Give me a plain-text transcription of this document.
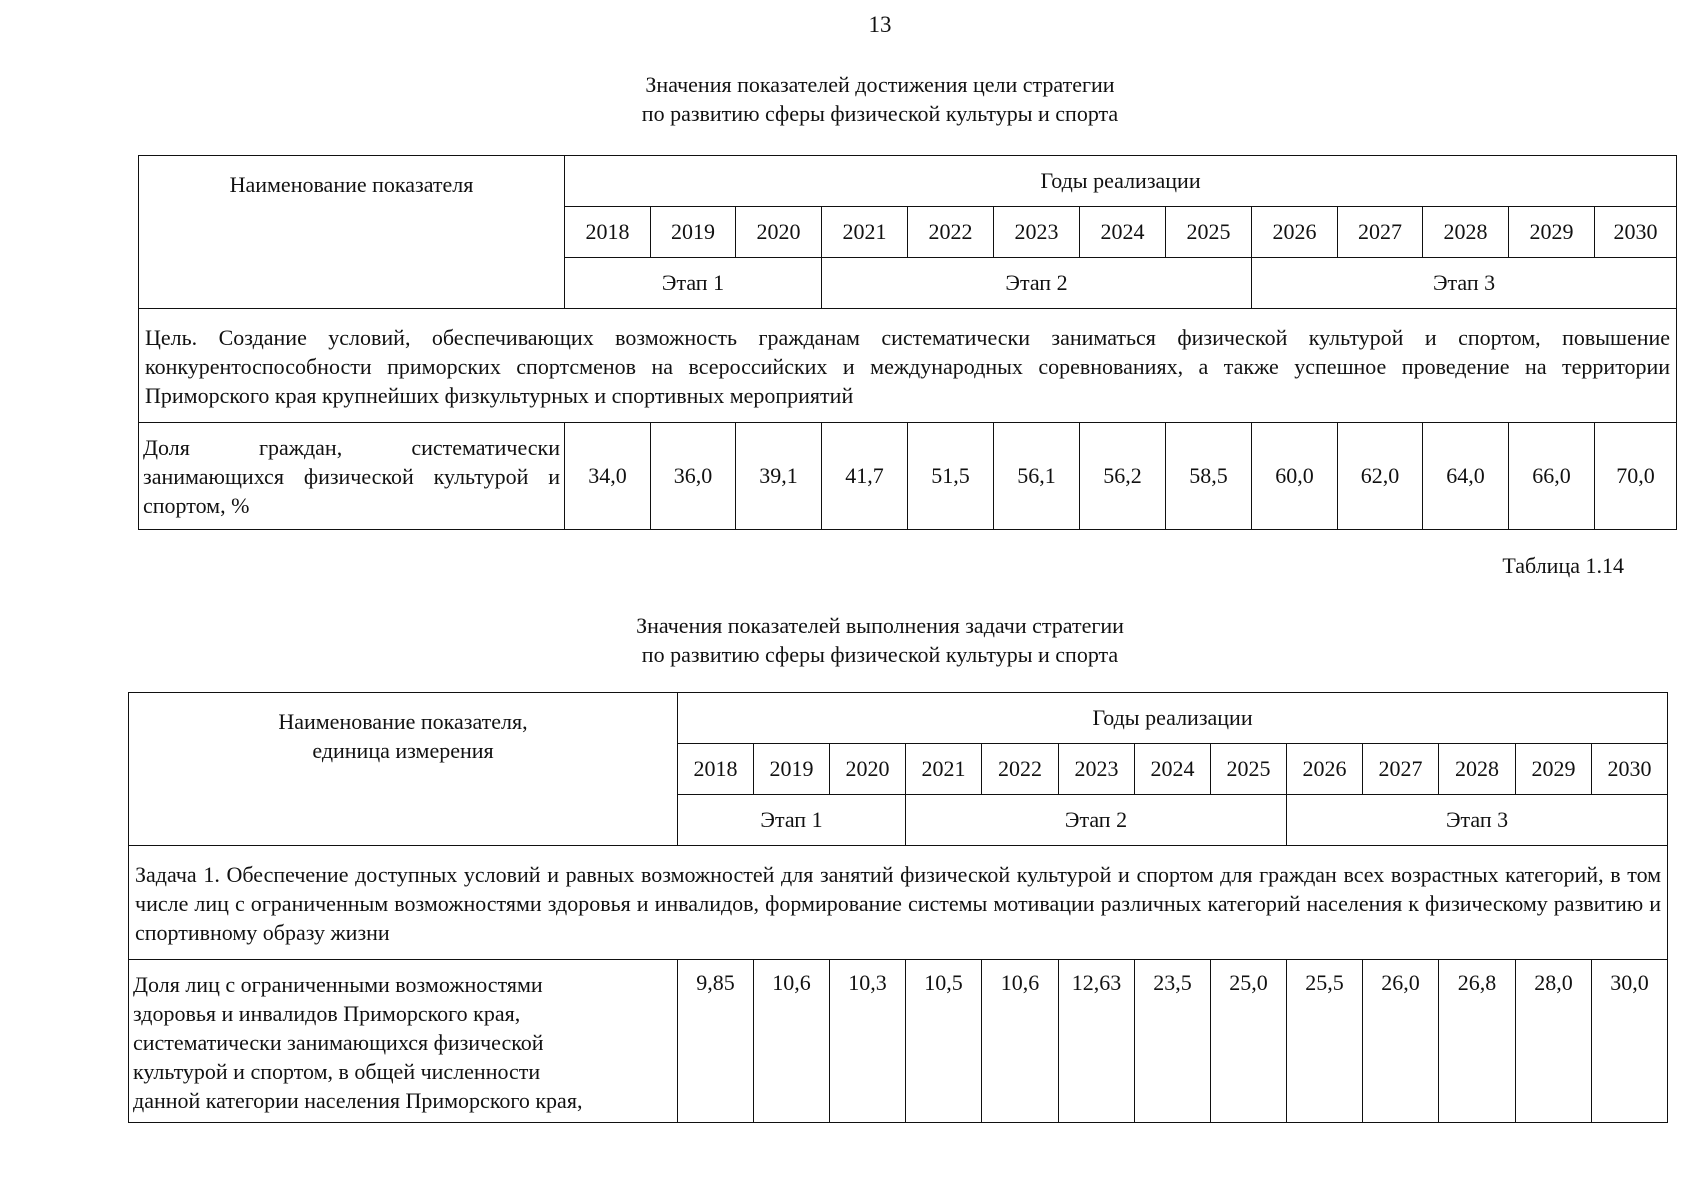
13
Значения показателей достижения цели стратегии
по развитию сферы физической культуры и спорта
Наименование показателя	Годы реализации												
	2018	2019	2020	2021	2022	2023	2024	2025	2026	2027	2028	2029	2030
	Этап 1			Этап 2					Этап 3				
Цель. Создание условий, обеспечивающих возможность гражданам систематически заниматься физической культурой и спортом, повышение конкурентоспособности приморских спортсменов на всероссийских и международных соревнованиях, а также успешное проведение на территории Приморского края крупнейших физкультурных и спортивных мероприятий													
Доля граждан, систематически занимающихся физической культурой и спортом, %	34,0	36,0	39,1	41,7	51,5	56,1	56,2	58,5	60,0	62,0	64,0	66,0	70,0
Таблица 1.14
Значения показателей выполнения задачи стратегии
по развитию сферы физической культуры и спорта
Наименование показателя,
единица измерения	Годы реализации												
	2018	2019	2020	2021	2022	2023	2024	2025	2026	2027	2028	2029	2030
	Этап 1			Этап 2					Этап 3				
Задача 1. Обеспечение доступных условий и равных возможностей для занятий физической культурой и спортом для граждан всех возрастных категорий, в том числе лиц с ограниченным возможностями здоровья и инвалидов, формирование системы мотивации различных категорий населения к физическому развитию и спортивному образу жизни													

Доля лиц с ограниченными возможностями
здоровья и инвалидов Приморского края,
систематически занимающихся физической
культурой и спортом, в общей численности
данной категории населения Приморского края,	9,85	10,6	10,3	10,5	10,6	12,63	23,5	25,0	25,5	26,0	26,8	28,0	30,0
